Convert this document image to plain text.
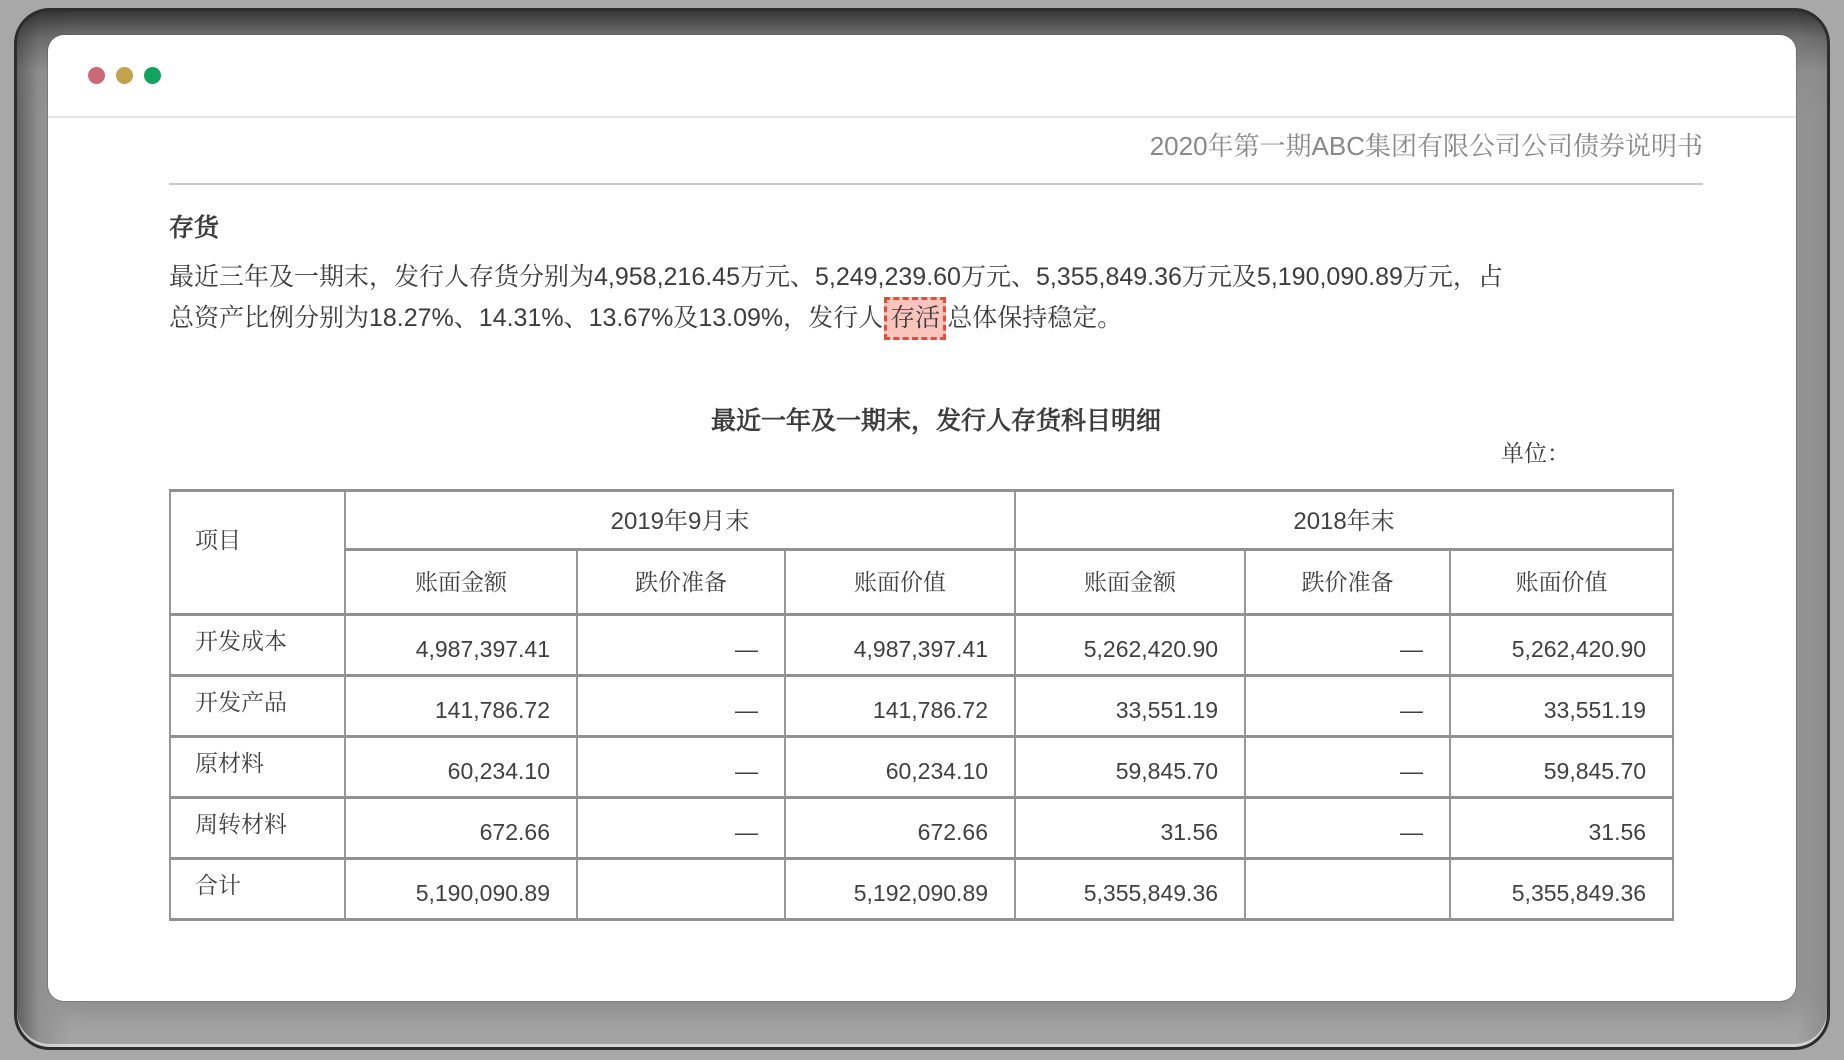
2020年第一期ABC集团有限公司公司债券说明书
存货

最近三年及一期末，发行人存货分别为4,958,216.45万元、5,249,239.60万元、5,355,849.36万元及5,190,090.89万元，占
总资产比例分别为18.27%、14.31%、13.67%及13.09%，发行人 存活 总体保持稳定。

最近一年及一期末，发行人存货科目明细
单位：
项目	2019年9月末			2018年末		
	账面金额	跌价准备	账面价值	账面金额	跌价准备	账面价值
开发成本	4,987,397.41	—	4,987,397.41	5,262,420.90	—	5,262,420.90
开发产品	141,786.72	—	141,786.72	33,551.19	—	33,551.19
原材料	60,234.10	—	60,234.10	59,845.70	—	59,845.70
周转材料	672.66	—	672.66	31.56	—	31.56
合计	5,190,090.89		5,192,090.89	5,355,849.36		5,355,849.36
